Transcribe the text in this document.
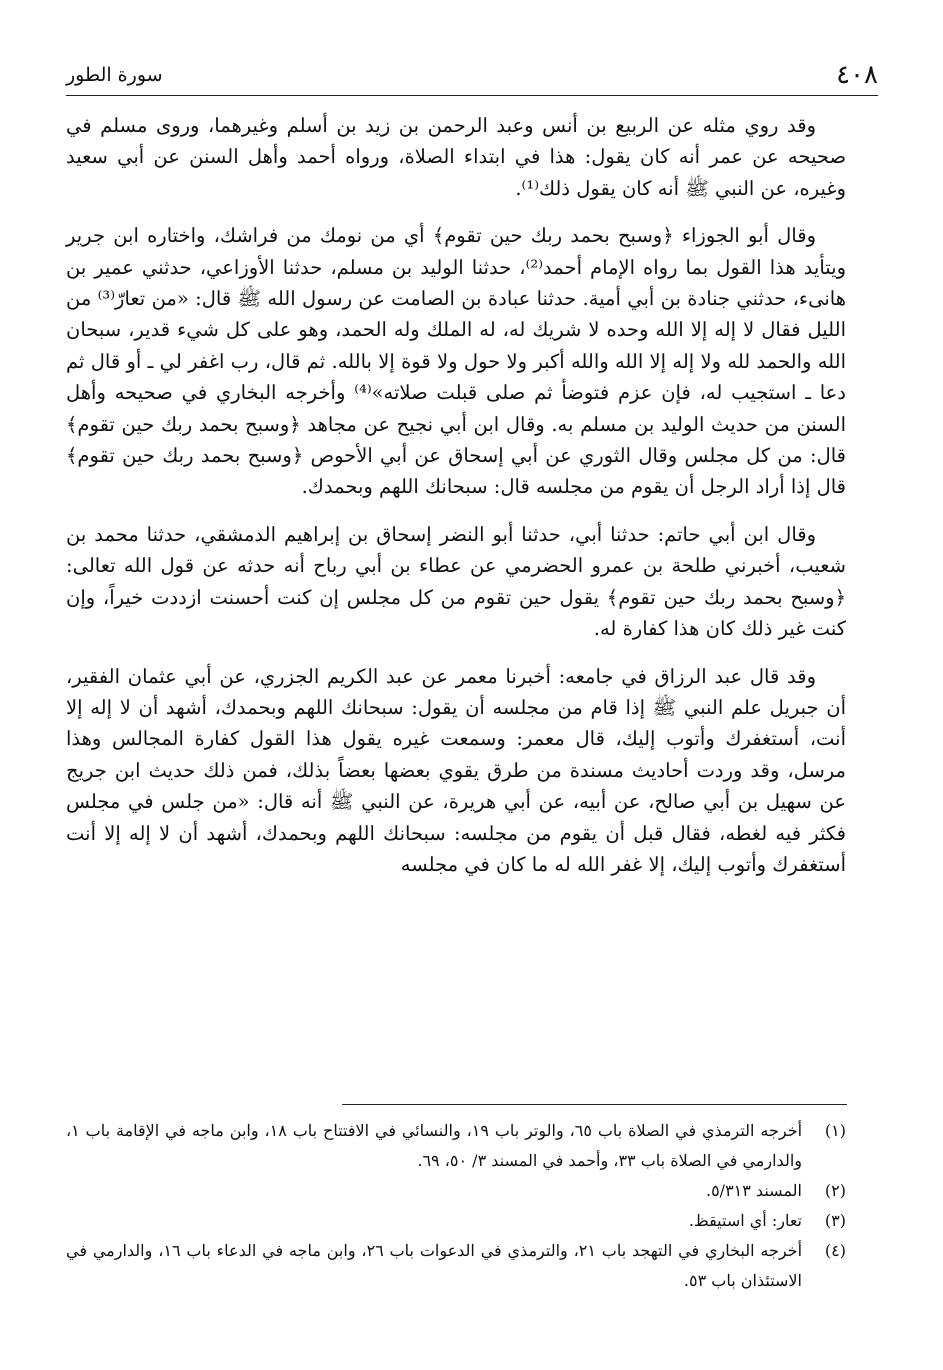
٤٠٨
سورة الطور

وقد روي مثله عن الربيع بن أنس وعبد الرحمن بن زيد بن أسلم وغيرهما، وروى مسلم في صحيحه عن عمر أنه كان يقول: هذا في ابتداء الصلاة، ورواه أحمد وأهل السنن عن أبي سعيد وغيره، عن النبي ﷺ أنه كان يقول ذلك⁽¹⁾.

وقال أبو الجوزاء ﴿وسبح بحمد ربك حين تقوم﴾ أي من نومك من فراشك، واختاره ابن جرير ويتأيد هذا القول بما رواه الإمام أحمد⁽²⁾، حدثنا الوليد بن مسلم، حدثنا الأوزاعي، حدثني عمير بن هانىء، حدثني جنادة بن أبي أمية. حدثنا عبادة بن الصامت عن رسول الله ﷺ قال: «من تعارّ⁽³⁾ من الليل فقال لا إله إلا الله وحده لا شريك له، له الملك وله الحمد، وهو على كل شيء قدير، سبحان الله والحمد لله ولا إله إلا الله والله أكبر ولا حول ولا قوة إلا بالله. ثم قال، رب اغفر لي ـ أو قال ثم دعا ـ استجيب له، فإن عزم فتوضأ ثم صلى قبلت صلاته»⁽⁴⁾ وأخرجه البخاري في صحيحه وأهل السنن من حديث الوليد بن مسلم به. وقال ابن أبي نجيح عن مجاهد ﴿وسبح بحمد ربك حين تقوم﴾ قال: من كل مجلس وقال الثوري عن أبي إسحاق عن أبي الأحوص ﴿وسبح بحمد ربك حين تقوم﴾ قال إذا أراد الرجل أن يقوم من مجلسه قال: سبحانك اللهم وبحمدك.

وقال ابن أبي حاتم: حدثنا أبي، حدثنا أبو النضر إسحاق بن إبراهيم الدمشقي، حدثنا محمد بن شعيب، أخبرني طلحة بن عمرو الحضرمي عن عطاء بن أبي رباح أنه حدثه عن قول الله تعالى: ﴿وسبح بحمد ربك حين تقوم﴾ يقول حين تقوم من كل مجلس إن كنت أحسنت ازددت خيراً، وإن كنت غير ذلك كان هذا كفارة له.

وقد قال عبد الرزاق في جامعه: أخبرنا معمر عن عبد الكريم الجزري، عن أبي عثمان الفقير، أن جبريل علم النبي ﷺ إذا قام من مجلسه أن يقول: سبحانك اللهم وبحمدك، أشهد أن لا إله إلا أنت، أستغفرك وأتوب إليك، قال معمر: وسمعت غيره يقول هذا القول كفارة المجالس وهذا مرسل، وقد وردت أحاديث مسندة من طرق يقوي بعضها بعضاً بذلك، فمن ذلك حديث ابن جريج عن سهيل بن أبي صالح، عن أبيه، عن أبي هريرة، عن النبي ﷺ أنه قال: «من جلس في مجلس فكثر فيه لغطه، فقال قبل أن يقوم من مجلسه: سبحانك اللهم وبحمدك، أشهد أن لا إله إلا أنت أستغفرك وأتوب إليك، إلا غفر الله له ما كان في مجلسه

(١)
أخرجه الترمذي في الصلاة باب ٦٥، والوتر باب ١٩، والنسائي في الافتتاح باب ١٨، وابن ماجه في الإقامة باب ١، والدارمي في الصلاة باب ٣٣، وأحمد في المسند ٣/ ٥٠، ٦٩.
(٢)
المسند ٥/٣١٣.
(٣)
تعار: أي استيقظ.
(٤)
أخرجه البخاري في التهجد باب ٢١، والترمذي في الدعوات باب ٢٦، وابن ماجه في الدعاء باب ١٦، والدارمي في الاستئذان باب ٥٣.
